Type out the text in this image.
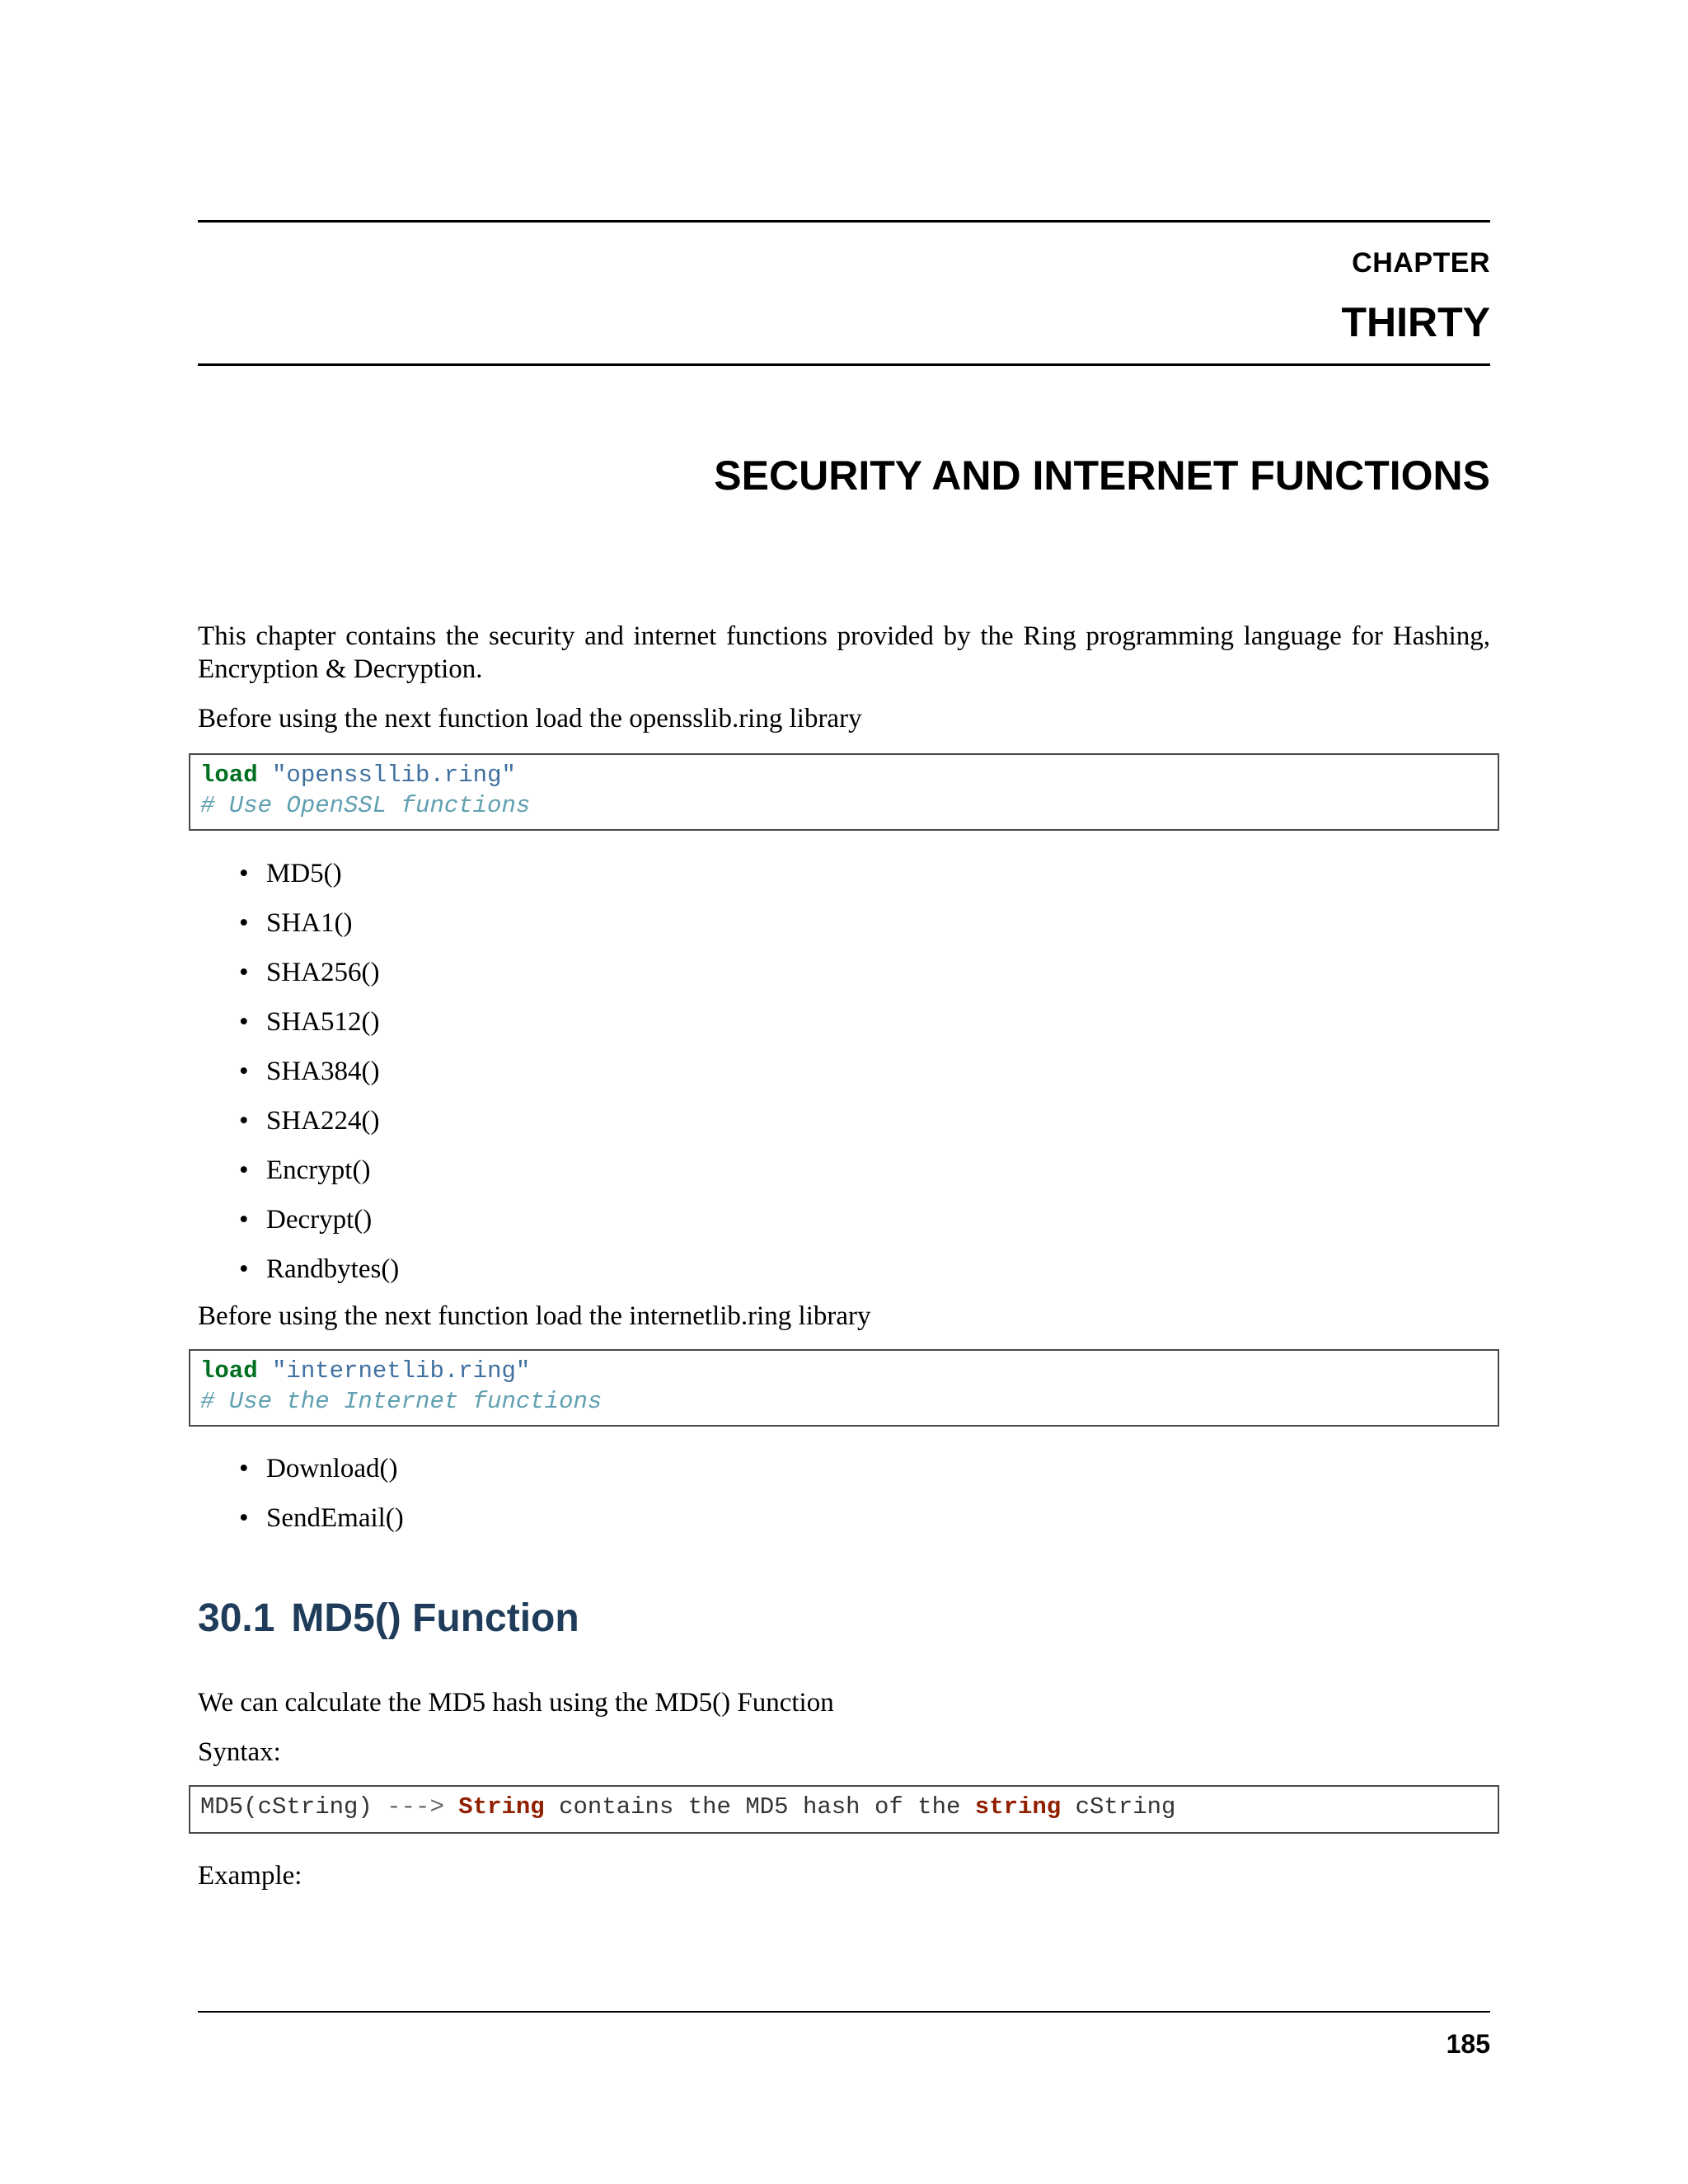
CHAPTER
THIRTY
SECURITY AND INTERNET FUNCTIONS

This chapter contains the security and internet functions provided by the Ring programming language for Hashing, Encryption & Decryption.

Before using the next function load the opensslib.ring library

load "openssllib.ring"
# Use OpenSSL functions
• MD5()
• SHA1()
• SHA256()
• SHA512()
• SHA384()
• SHA224()
• Encrypt()
• Decrypt()
• Randbytes()

Before using the next function load the internetlib.ring library

load "internetlib.ring"
# Use the Internet functions
• Download()
• SendEmail()
30.1 MD5() Function

We can calculate the MD5 hash using the MD5() Function

Syntax:

MD5(cString) ---> String contains the MD5 hash of the string cString

Example:

185
